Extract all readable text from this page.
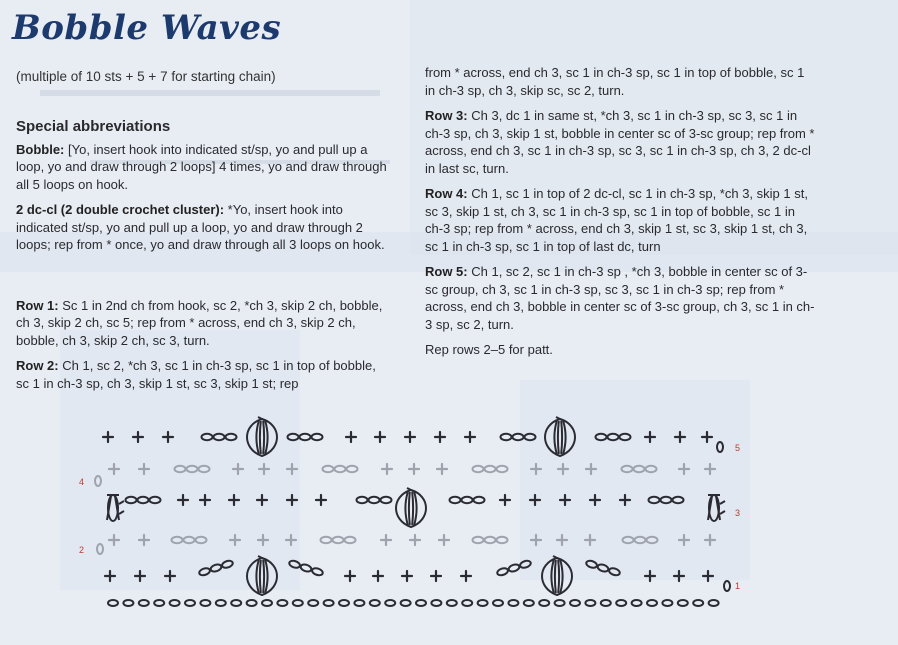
Bobble Waves
(multiple of 10 sts + 5 + 7 for starting chain)
Special abbreviations

Bobble: [Yo, insert hook into indicated st/sp, yo and pull up a loop, yo and draw through 2 loops] 4 times, yo and draw through all 5 loops on hook.

2 dc-cl (2 double crochet cluster): *Yo, insert hook into indicated st/sp, yo and pull up a loop, yo and draw through 2 loops; rep from * once, yo and draw through all 3 loops on hook.

Row 1: Sc 1 in 2nd ch from hook, sc 2, *ch 3, skip 2 ch, bobble, ch 3, skip 2 ch, sc 5; rep from * across, end ch 3, skip 2 ch, bobble, ch 3, skip 2 ch, sc 3, turn.

Row 2: Ch 1, sc 2, *ch 3, sc 1 in ch-3 sp, sc 1 in top of bobble, sc 1 in ch-3 sp, ch 3, skip 1 st, sc 3, skip 1 st; rep

from * across, end ch 3, sc 1 in ch-3 sp, sc 1 in top of bobble, sc 1 in ch-3 sp, ch 3, skip sc, sc 2, turn.

Row 3: Ch 3, dc 1 in same st, *ch 3, sc 1 in ch-3 sp, sc 3, sc 1 in ch-3 sp, ch 3, skip 1 st, bobble in center sc of 3-sc group; rep from * across, end ch 3, sc 1 in ch-3 sp, sc 3, sc 1 in ch-3 sp, ch 3, 2 dc-cl in last sc, turn.

Row 4: Ch 1, sc 1 in top of 2 dc-cl, sc 1 in ch-3 sp, *ch 3, skip 1 st, sc 3, skip 1 st, ch 3, sc 1 in ch-3 sp, sc 1 in top of bobble, sc 1 in ch-3 sp; rep from * across, end ch 3, skip 1 st, sc 3, skip 1 st, ch 3, sc 1 in ch-3 sp, sc 1 in top of last dc, turn

Row 5: Ch 1, sc 2, sc 1 in ch-3 sp , *ch 3, bobble in center sc of 3-sc group, ch 3, sc 1 in ch-3 sp, sc 3, sc 1 in ch-3 sp; rep from * across, end ch 3, bobble in center sc of 3-sc group, ch 3, sc 1 in ch-3 sp, sc 2, turn.

Rep rows 2–5 for patt.

5
4
3
2
1
